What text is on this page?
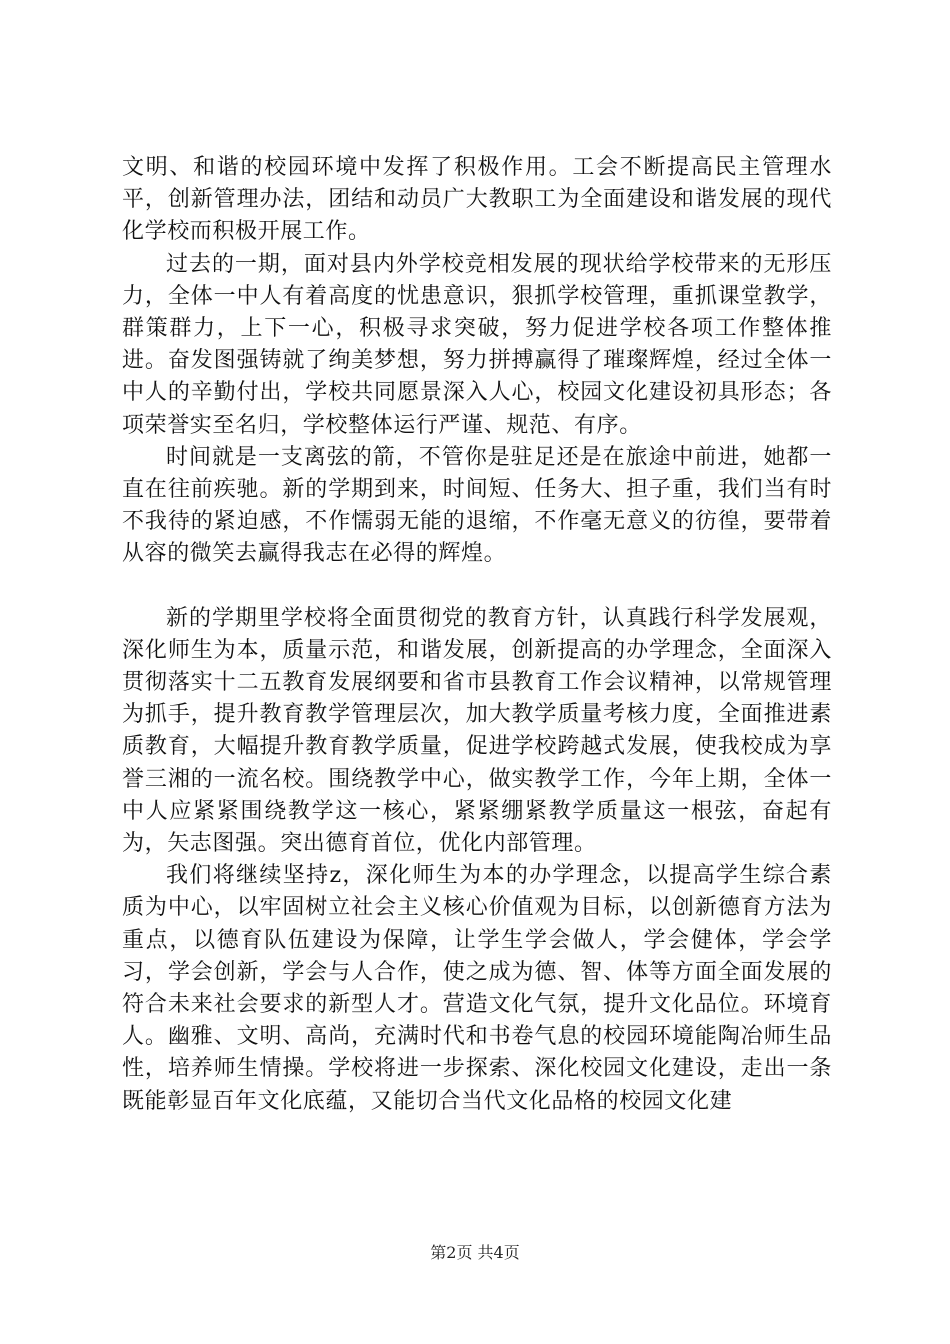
文明、和谐的校园环境中发挥了积极作用。工会不断提高民主管理水平，创新管理办法，团结和动员广大教职工为全面建设和谐发展的现代化学校而积极开展工作。

过去的一期，面对县内外学校竞相发展的现状给学校带来的无形压力，全体一中人有着高度的忧患意识，狠抓学校管理，重抓课堂教学，群策群力，上下一心，积极寻求突破，努力促进学校各项工作整体推进。奋发图强铸就了绚美梦想，努力拼搏赢得了璀璨辉煌，经过全体一中人的辛勤付出，学校共同愿景深入人心，校园文化建设初具形态；各项荣誉实至名归，学校整体运行严谨、规范、有序。

时间就是一支离弦的箭，不管你是驻足还是在旅途中前进，她都一直在往前疾驰。新的学期到来，时间短、任务大、担子重，我们当有时不我待的紧迫感，不作懦弱无能的退缩，不作毫无意义的彷徨，要带着从容的微笑去赢得我志在必得的辉煌。

新的学期里学校将全面贯彻党的教育方针，认真践行科学发展观，深化师生为本，质量示范，和谐发展，创新提高的办学理念，全面深入贯彻落实十二五教育发展纲要和省市县教育工作会议精神，以常规管理为抓手，提升教育教学管理层次，加大教学质量考核力度，全面推进素质教育，大幅提升教育教学质量，促进学校跨越式发展，使我校成为享誉三湘的一流名校。围绕教学中心，做实教学工作，今年上期，全体一中人应紧紧围绕教学这一核心，紧紧绷紧教学质量这一根弦，奋起有为，矢志图强。突出德育首位，优化内部管理。

我们将继续坚持z，深化师生为本的办学理念，以提高学生综合素质为中心，以牢固树立社会主义核心价值观为目标，以创新德育方法为重点，以德育队伍建设为保障，让学生学会做人，学会健体，学会学习，学会创新，学会与人合作，使之成为德、智、体等方面全面发展的符合未来社会要求的新型人才。营造文化气氛，提升文化品位。环境育人。幽雅、文明、高尚，充满时代和书卷气息的校园环境能陶冶师生品性，培养师生情操。学校将进一步探索、深化校园文化建设，走出一条既能彰显百年文化底蕴，又能切合当代文化品格的校园文化建

第2页 共4页
